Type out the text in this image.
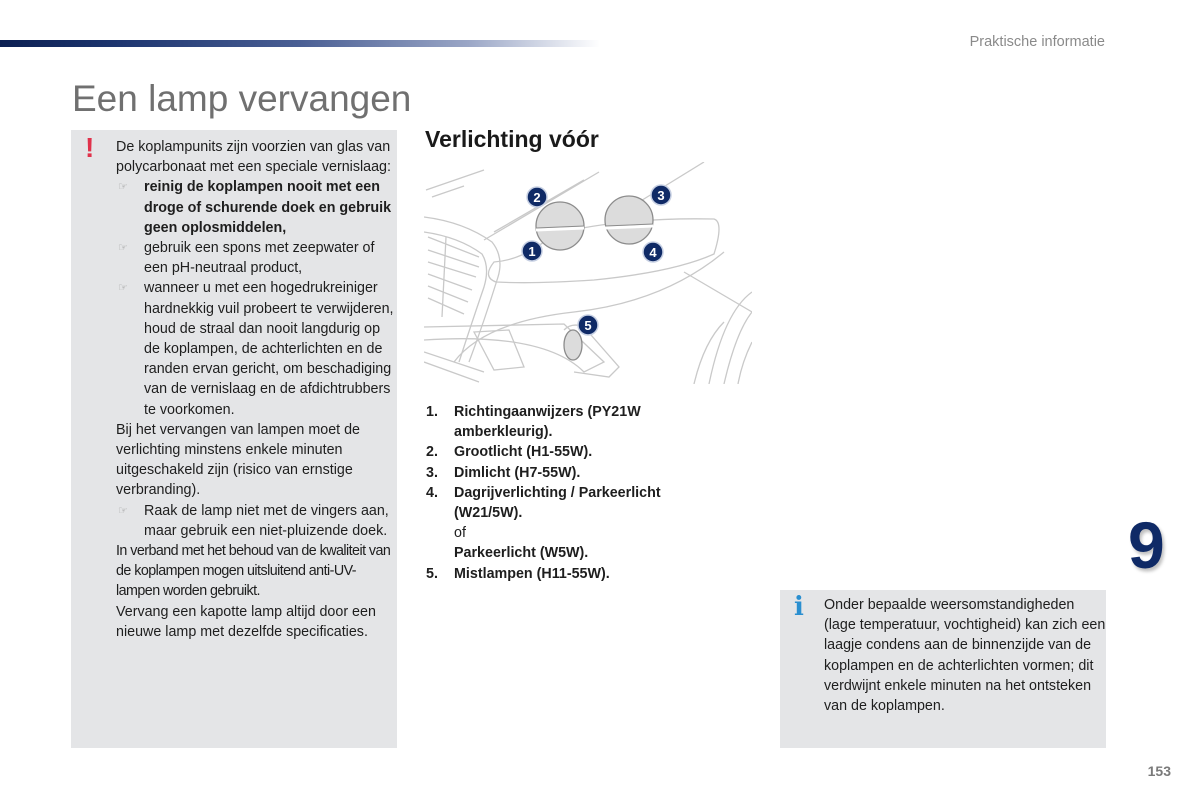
Praktische informatie
Een lamp vervangen
! De koplampunits zijn voorzien van glas van polycarbonaat met een speciale vernislaag:

☞ reinig de koplampen nooit met een droge of schurende doek en gebruik geen oplosmiddelen,
☞ gebruik een spons met zeepwater of een pH-neutraal product,
☞ wanneer u met een hogedrukreiniger hardnekkig vuil probeert te verwijderen, houd de straal dan nooit langdurig op de koplampen, de achterlichten en de randen ervan gericht, om beschadiging van de vernislaag en de afdichtrubbers te voorkomen.

Bij het vervangen van lampen moet de verlichting minstens enkele minuten uitgeschakeld zijn (risico van ernstige verbranding).

☞ Raak de lamp niet met de vingers aan, maar gebruik een niet-pluizende doek.

In verband met het behoud van de kwaliteit van de koplampen mogen uitsluitend anti-UV-lampen worden gebruikt.

Vervang een kapotte lamp altijd door een nieuwe lamp met dezelfde specificaties.

Verlichting vóór
1
2	3
4
5
1. Richtingaanwijzers (PY21W amberkleurig).
2. Grootlicht (H1-55W).
3. Dimlicht (H7-55W).
4. Dagrijverlichting / Parkeerlicht (W21/5W).
of
Parkeerlicht (W5W).
5. Mistlampen (H11-55W).	9
i Onder bepaalde weersomstandigheden (lage temperatuur, vochtigheid) kan zich een laagje condens aan de binnenzijde van de koplampen en de achterlichten vormen; dit verdwijnt enkele minuten na het ontsteken van de koplampen.

153
